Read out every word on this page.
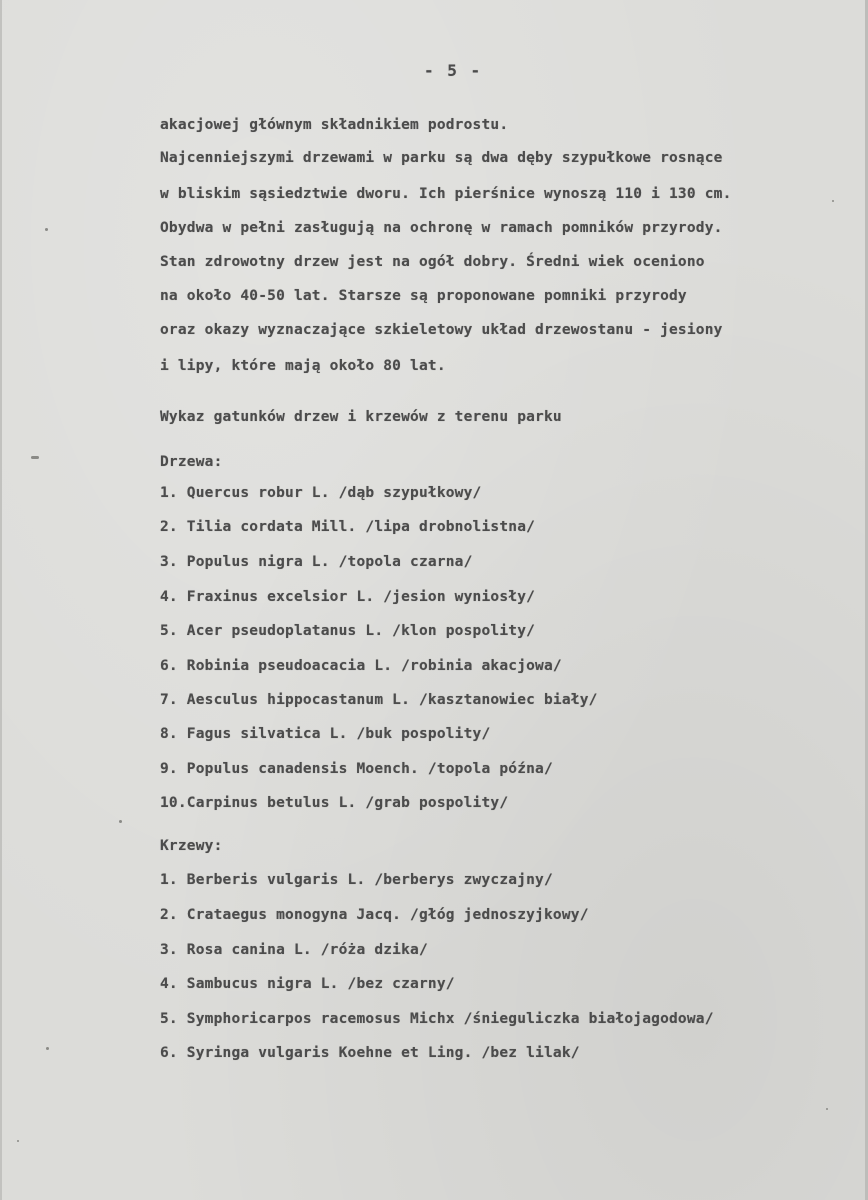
- 5 -
akacjowej głównym składnikiem podrostu.
Najcenniejszymi drzewami w parku są dwa dęby szypułkowe rosnące
w bliskim sąsiedztwie dworu. Ich pierśnice wynoszą 110 i 130 cm.
Obydwa w pełni zasługują na ochronę w ramach pomników przyrody.
Stan zdrowotny drzew jest na ogół dobry. Średni wiek oceniono
na około 40-50 lat. Starsze są proponowane pomniki przyrody
oraz okazy wyznaczające szkieletowy układ drzewostanu - jesiony
i lipy, które mają około 80 lat.
Wykaz gatunków drzew i krzewów z terenu parku
Drzewa:
1. Quercus robur L. /dąb szypułkowy/
2. Tilia cordata Mill. /lipa drobnolistna/
3. Populus nigra L. /topola czarna/
4. Fraxinus excelsior L. /jesion wyniosły/
5. Acer pseudoplatanus L. /klon pospolity/
6. Robinia pseudoacacia L. /robinia akacjowa/
7. Aesculus hippocastanum L. /kasztanowiec biały/
8. Fagus silvatica L. /buk pospolity/
9. Populus canadensis Moench. /topola późna/
10.Carpinus betulus L. /grab pospolity/
Krzewy:
1. Berberis vulgaris L. /berberys zwyczajny/
2. Crataegus monogyna Jacq. /głóg jednoszyjkowy/
3. Rosa canina L. /róża dzika/
4. Sambucus nigra L. /bez czarny/
5. Symphoricarpos racemosus Michx /śnieguliczka białojagodowa/
6. Syringa vulgaris Koehne et Ling. /bez lilak/
